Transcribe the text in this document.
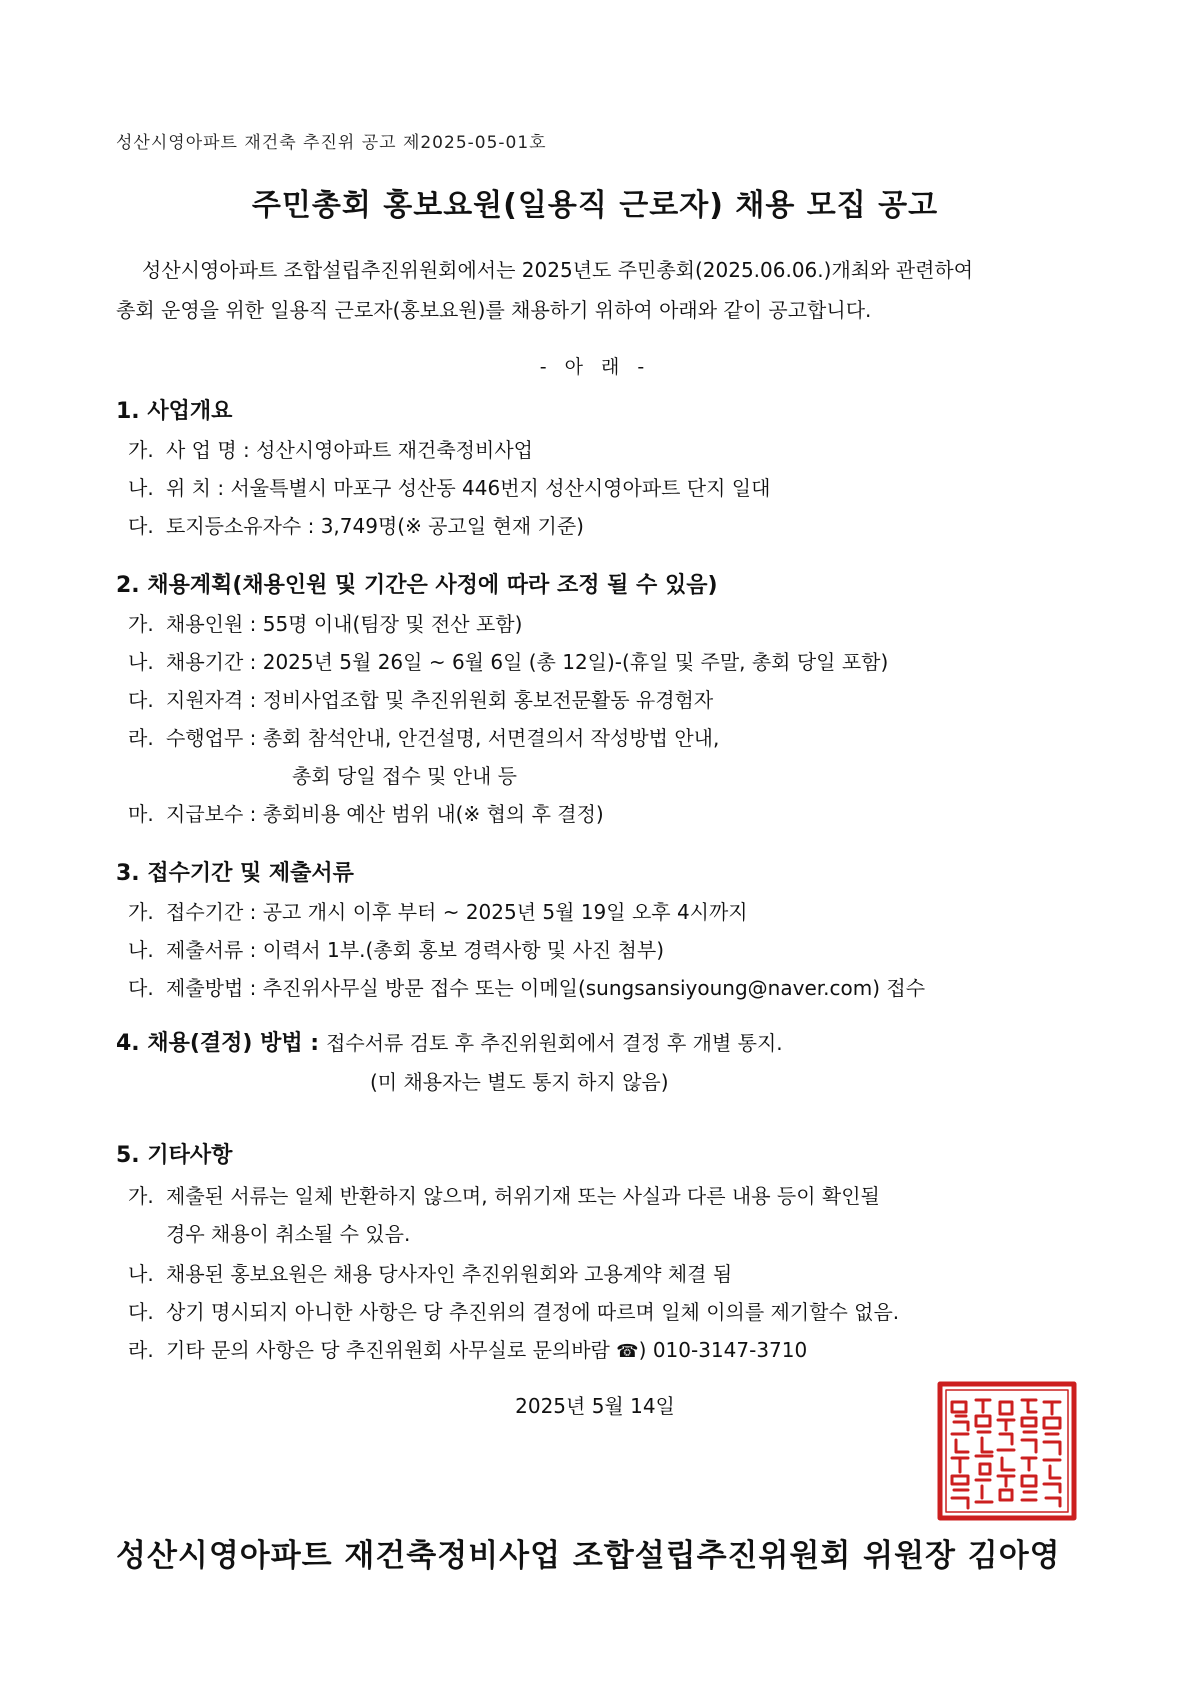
성산시영아파트 재건축 추진위 공고 제2025-05-01호
주민총회 홍보요원(일용직 근로자) 채용 모집 공고

성산시영아파트 조합설립추진위원회에서는 2025년도 주민총회(2025.06.06.)개최와 관련하여

총회 운영을 위한 일용직 근로자(홍보요원)를 채용하기 위하여 아래와 같이 공고합니다.

- 아 래 -
1. 사업개요
가. 사 업 명 : 성산시영아파트 재건축정비사업
나. 위 치 : 서울특별시 마포구 성산동 446번지 성산시영아파트 단지 일대
다. 토지등소유자수 : 3,749명(※ 공고일 현재 기준)
2. 채용계획(채용인원 및 기간은 사정에 따라 조정 될 수 있음)
가. 채용인원 : 55명 이내(팀장 및 전산 포함)
나. 채용기간 : 2025년 5월 26일 ~ 6월 6일 (총 12일)-(휴일 및 주말, 총회 당일 포함)
다. 지원자격 : 정비사업조합 및 추진위원회 홍보전문활동 유경험자
라. 수행업무 : 총회 참석안내, 안건설명, 서면결의서 작성방법 안내,
총회 당일 접수 및 안내 등
마. 지급보수 : 총회비용 예산 범위 내(※ 협의 후 결정)
3. 접수기간 및 제출서류
가. 접수기간 : 공고 개시 이후 부터 ~ 2025년 5월 19일 오후 4시까지
나. 제출서류 : 이력서 1부.(총회 홍보 경력사항 및 사진 첨부)
다. 제출방법 : 추진위사무실 방문 접수 또는 이메일(sungsansiyoung@naver.com) 접수
4. 채용(결정) 방법 : 접수서류 검토 후 추진위원회에서 결정 후 개별 통지.
(미 채용자는 별도 통지 하지 않음)
5. 기타사항
가. 제출된 서류는 일체 반환하지 않으며, 허위기재 또는 사실과 다른 내용 등이 확인될
경우 채용이 취소될 수 있음.
나. 채용된 홍보요원은 채용 당사자인 추진위원회와 고용계약 체결 됨
다. 상기 명시되지 아니한 사항은 당 추진위의 결정에 따르며 일체 이의를 제기할수 없음.
라. 기타 문의 사항은 당 추진위원회 사무실로 문의바람 ☎) 010-3147-3710
2025년 5월 14일
성산시영아파트 재건축정비사업 조합설립추진위원회 위원장 김아영
